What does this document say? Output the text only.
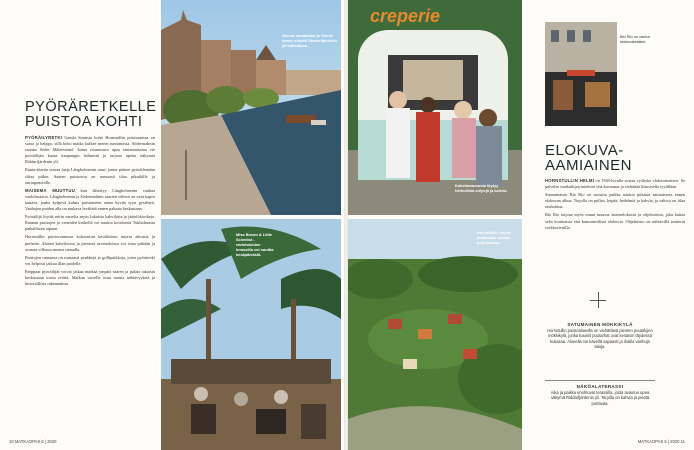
PYÖRÄRETKELLE PUISTOA KOHTI

PYÖRÄILYRETKI Gamla Stanista kohti Hornstullin puistorantaa on suora ja helppo, sillä koko matka kulkee meren tuntumassa. Södermalmin rannan Söder Mälarstrand -katua reunustava upea rantamaisema vie pyöräilijän kauas kaupungin hälinästä ja tarjoaa upeita näkymiä Riddarfjärdenin yli.

Ranta-aluetta seuraa laaja Långholmenin saari, jonne pääsee pyöräilemään siltaa pitkin. Saaren puistoissa on runsaasti tilaa piknikille ja auringonotolle.

MAISEMA MUUTTUU kun lähestyy Långholmenin vanhaa vankilasaarta. Långholmenin ja Södermalmin saarten välissä on vain kapea kanava, jonka kylpevä kulma puistoineen antaa hyvän syyn pysähtyä. Vanhojen puiden alla on mukava levähtää ennen paluuta keskustaan.

Pyöräilijä löytää reitin varrelta myös lukuisia kahviloita ja jäätelökioskeja. Rannan puistojen ja veneiden keskellä voi nauttia kesäisestä Tukholmasta paikallisten tapaan.

Hornstullin puistorannassa kokoontuu kesäiltaisin nuoria aikuisia ja perheitä. Alueen kahviloissa ja pienissä ravintoloissa voi istua pitkään ja seurata vilkasta menoa rannalla.

Puistojen rannassa on runsaasti penkkejä ja grillipaikkoja, joten pyöräretki voi helposti jatkua illan puolelle.

Reippaat pyöräilijät voivat jatkaa matkaa ympäri saaren ja palata takaisin keskustaan toista reittiä. Matkan varrelle osuu monia nähtävyyksiä ja historiallisia rakennuksia.

Noorat rantakadut ja Gamla stanin siluetti Riddarfjärdenin yli katsottuna.
Miss Brown & Little Scientist -ravintoloiden terassilla voi nauttia kesäpäivästä.
10 MATKAOPAS 5 | 2020
creperie
Kahvilavaunusta löytyy herkullisia crêpejä ja kahvia.
Hornstullin vehreä puistoalue rannan tuntumassa.
Bio Rio on vanha elokuvateatteri.
ELOKUVA-AAMIAINEN

HORNSTULLIN HELMI on 1940-luvulla avattu vyöhyke elokuvateatteri. Se palvelee matkailijan mielestä yhä kuvaansa ja viehättää klassisella tyylillään.

Sunnuntaisin Bio Rio on suosittu paikka nauttia pitkästä aamiaisesta ennen elokuvan alkua. Tarjolla on pullaa, leipää, hedelmiä ja kahvia, ja salissa on tilaa rauhoittua.

Bio Rio tarjoaa myös muun muassa lastenelokuvia ja ohjelmistoa, joka kattaa sekä kotimaisia että kansainvälisiä elokuvia. Ohjelmisto on nähtävillä teatterin verkkosivuilla.

SATUMAINEN MÖKKIKYLÄ
Hornstullin puistoalueella on viehättävä pienten puutalojen mökkikylä, jonka kauniit puutarhat ovat kesäisin täydessä kukassa. Alueella voi kävellä vapaasti ja ihailla vanhoja taloja.
NÄKÖALATERASSI
Aika ja paikka unohtuvat terassilla, josta avautuu upea näkymä Riddarfjärdenin yli. Tarjolla on kahvia ja pientä purtavaa.
MATKAOPAS 5 | 2020 11
